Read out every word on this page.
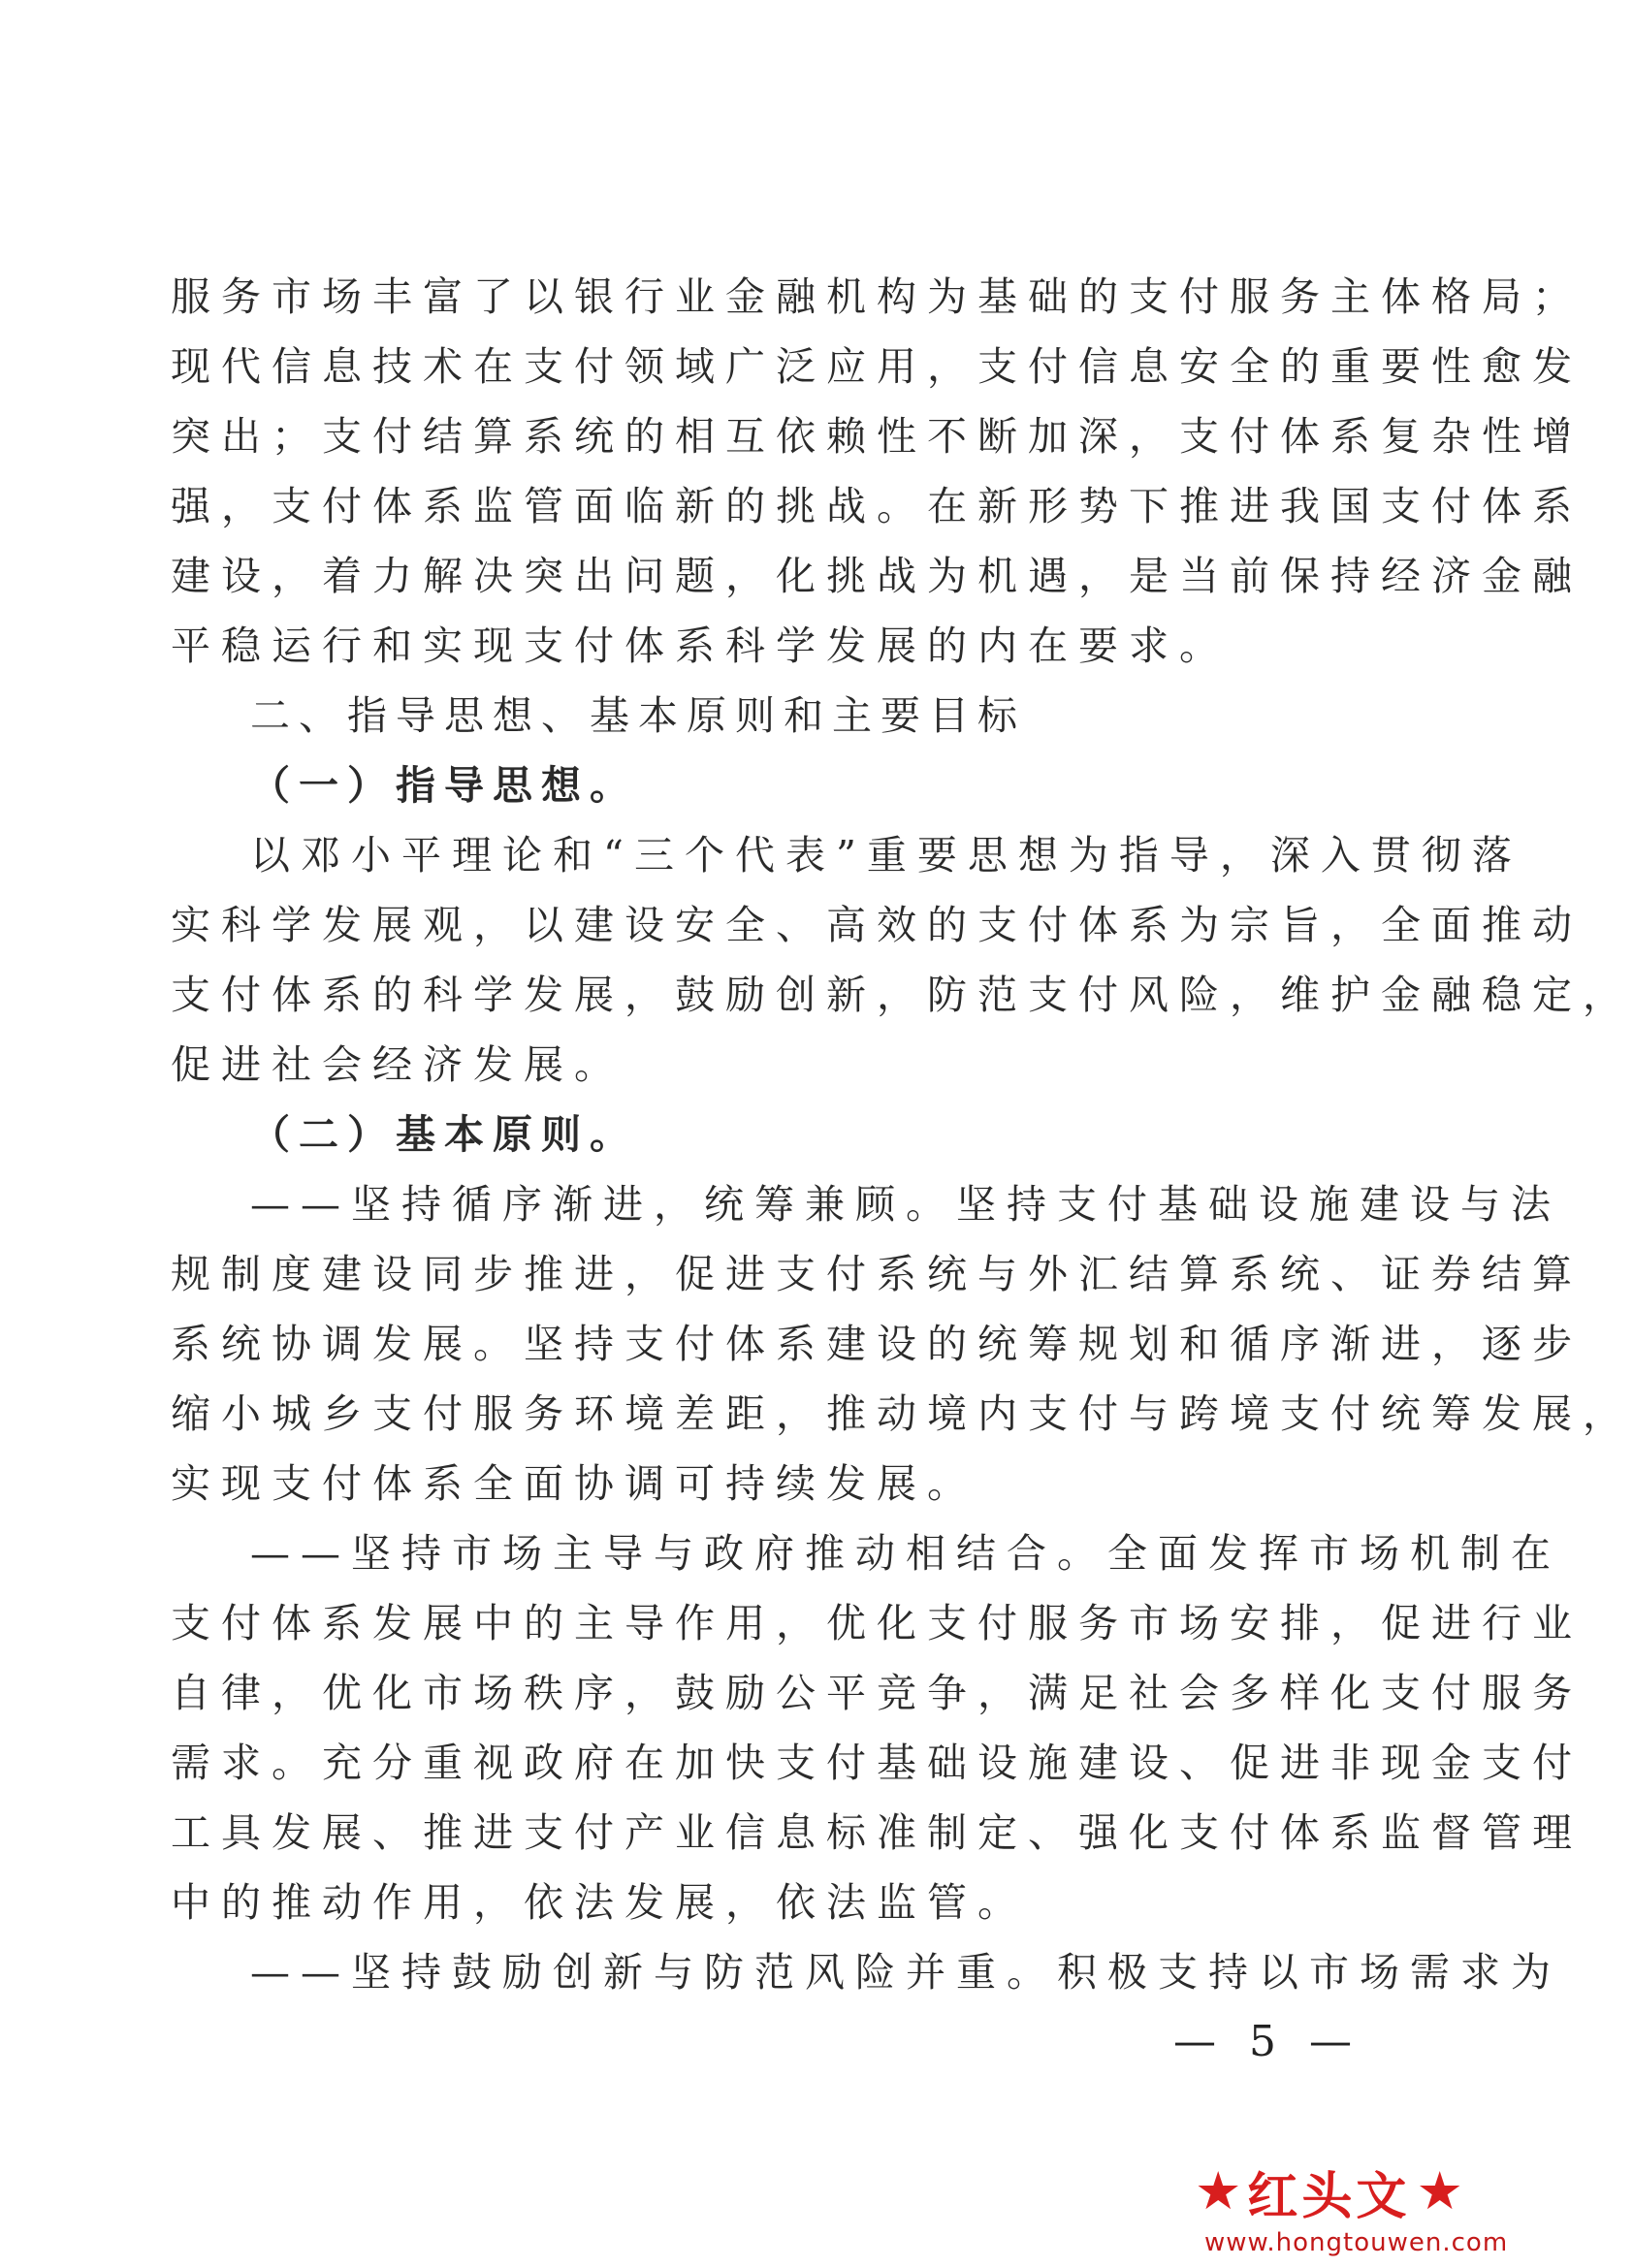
服务市场丰富了以银行业金融机构为基础的支付服务主体格局；
现代信息技术在支付领域广泛应用，支付信息安全的重要性愈发
突出；支付结算系统的相互依赖性不断加深，支付体系复杂性增
强，支付体系监管面临新的挑战。在新形势下推进我国支付体系
建设，着力解决突出问题，化挑战为机遇，是当前保持经济金融
平稳运行和实现支付体系科学发展的内在要求。
二、指导思想、基本原则和主要目标
（一）指导思想。
以邓小平理论和“三个代表”重要思想为指导，深入贯彻落
实科学发展观，以建设安全、高效的支付体系为宗旨，全面推动
支付体系的科学发展，鼓励创新，防范支付风险，维护金融稳定，
促进社会经济发展。
（二）基本原则。
——坚持循序渐进，统筹兼顾。坚持支付基础设施建设与法
规制度建设同步推进，促进支付系统与外汇结算系统、证券结算
系统协调发展。坚持支付体系建设的统筹规划和循序渐进，逐步
缩小城乡支付服务环境差距，推动境内支付与跨境支付统筹发展，
实现支付体系全面协调可持续发展。
——坚持市场主导与政府推动相结合。全面发挥市场机制在
支付体系发展中的主导作用，优化支付服务市场安排，促进行业
自律，优化市场秩序，鼓励公平竞争，满足社会多样化支付服务
需求。充分重视政府在加快支付基础设施建设、促进非现金支付
工具发展、推进支付产业信息标准制定、强化支付体系监督管理
中的推动作用，依法发展，依法监管。
——坚持鼓励创新与防范风险并重。积极支持以市场需求为
— 5 —
★ 红头文 ★
www.hongtouwen.com
